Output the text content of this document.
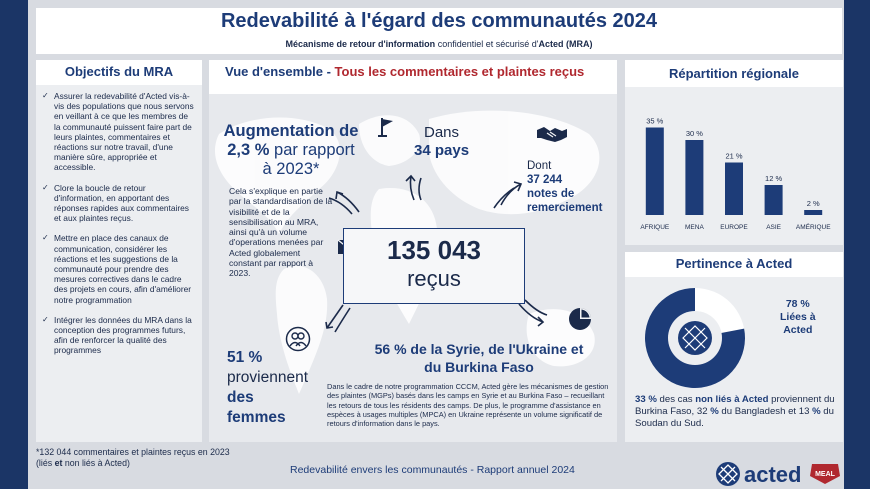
Redevabilité à l'égard des communautés 2024

Mécanisme de retour d'information confidentiel et sécurisé d'Acted (MRA)

Objectifs du MRA
✓ Assurer la redevabilité d'Acted vis-à-vis des populations que nous servons en veillant à ce que les membres de la communauté puissent faire part de leurs plaintes, commentaires et réactions sur notre travail, d'une manière sûre, appropriée et accessible.
✓ Clore la boucle de retour d'information, en apportant des réponses rapides aux commentaires et aux plaintes reçus.
✓ Mettre en place des canaux de communication, considérer les réactions et les suggestions de la communauté pour prendre des mesures correctives dans le cadre des projets en cours, afin d'améliorer notre programmation
✓ Intégrer les données du MRA dans la conception des programmes futurs, afin de renforcer la qualité des programmes
Vue d'ensemble - Tous les commentaires et plaintes reçus
Augmentation de
2,3 % par rapport
à 2023*
Cela s'explique en partie par la standardisation de la visibilité et de la sensibilisation au MRA, ainsi qu'à un volume d'operations menées par Acted globalement constant par rapport à 2023.
Dans
34 pays
Dont
37 244
notes de
remerciement
135 043
reçus
51 %
proviennent
des
femmes
56 % de la Syrie, de l'Ukraine et
du Burkina Faso
Dans le cadre de notre programmation CCCM, Acted gère les mécanismes de gestion des plaintes (MGPs) basés dans les camps en Syrie et au Burkina Faso – recueillant les retours de tous les résidents des camps. De plus, le programme d'assistance en espèces à usages multiples (MPCA) en Ukraine représente un volume significatif de retours d'information dans le pays.
Répartition régionale
35 %
AFRIQUE
30 %
MENA
21 %
EUROPE
12 %
ASIE
2 %
AMÉRIQUE
Pertinence à Acted
78 %
Liées à
Acted
33 % des cas non liés à Acted proviennent du Burkina Faso, 32 % du Bangladesh et 13 % du Soudan du Sud.
*132 044 commentaires et plaintes reçus en 2023
(liés et non liés à Acted)
Redevabilité envers les communautés - Rapport annuel 2024	acted MEAL
